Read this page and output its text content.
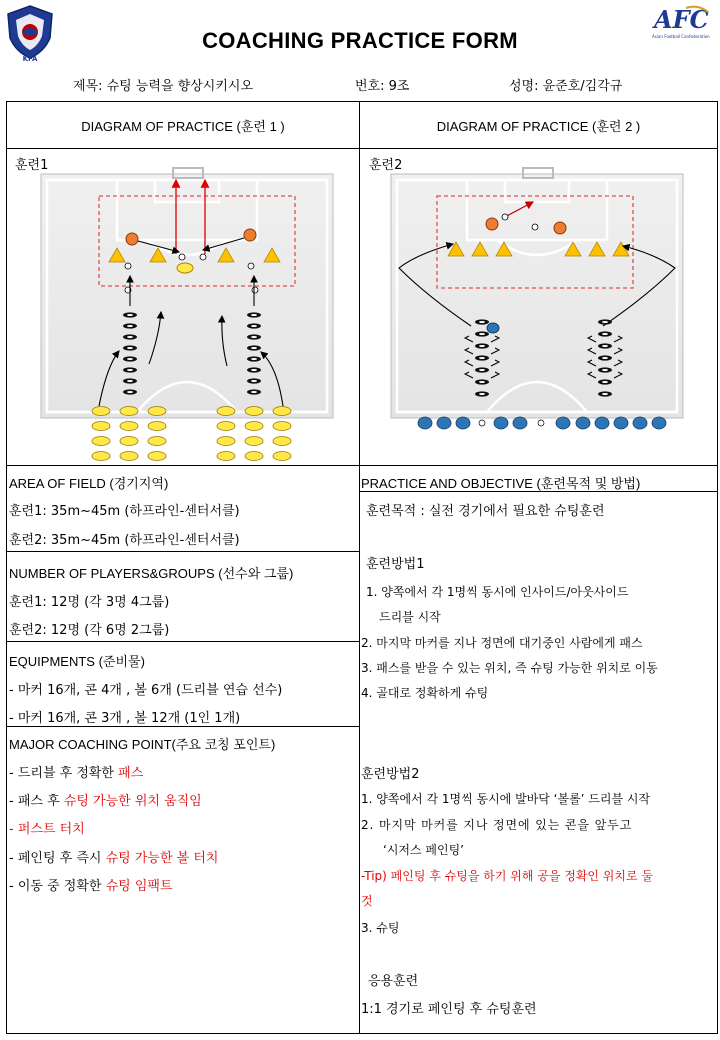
KFA
AFC
Asian Football Confederation
COACHING PRACTICE FORM
제목: 슈팅 능력을 향상시키시오	번호: 9조	성명: 윤준호/김각규
DIAGRAM OF PRACTICE (훈련 1 )	DIAGRAM OF PRACTICE (훈련 2 )
훈련1	훈련2
AREA OF FIELD (경기지역)
훈련1: 35m~45m (하프라인-센터서클)
훈련2: 35m~45m (하프라인-센터서클)
NUMBER OF PLAYERS&GROUPS (선수와 그룹)
훈련1: 12명 (각 3명 4그룹)
훈련2: 12명 (각 6명 2그룹)
EQUIPMENTS (준비물)
- 마커 16개, 콘 4개 , 볼 6개 (드리블 연습 선수)
- 마커 16개, 콘 3개 , 볼 12개 (1인 1개)
MAJOR COACHING POINT(주요 코칭 포인트)
- 드리블 후 정확한 패스
- 패스 후 슈팅 가능한 위치 움직임
- 퍼스트 터치
- 페인팅 후 즉시 슈팅 가능한 볼 터치
- 이동 중 정확한 슈팅 임팩트
PRACTICE AND OBJECTIVE (훈련목적 및 방법)
훈련목적 : 실전 경기에서 필요한 슈팅훈련
훈련방법1
1. 양쪽에서 각 1명씩 동시에 인사이드/아웃사이드
드리블 시작
2. 마지막 마커를 지나 정면에 대기중인 사람에게 패스
3. 패스를 받을 수 있는 위치, 즉 슈팅 가능한 위치로 이동
4. 골대로 정확하게 슈팅
훈련방법2
1. 양쪽에서 각 1명씩 동시에 발바닥 ‘볼롤’ 드리블 시작
2. 마지막 마커를 지나 정면에 있는 콘을 앞두고
‘시저스 페인팅’
-Tip) 페인팅 후 슈팅을 하기 위해 공을 정확인 위치로 둘
것
3. 슈팅
응용훈련
1:1 경기로 페인팅 후 슈팅훈련
